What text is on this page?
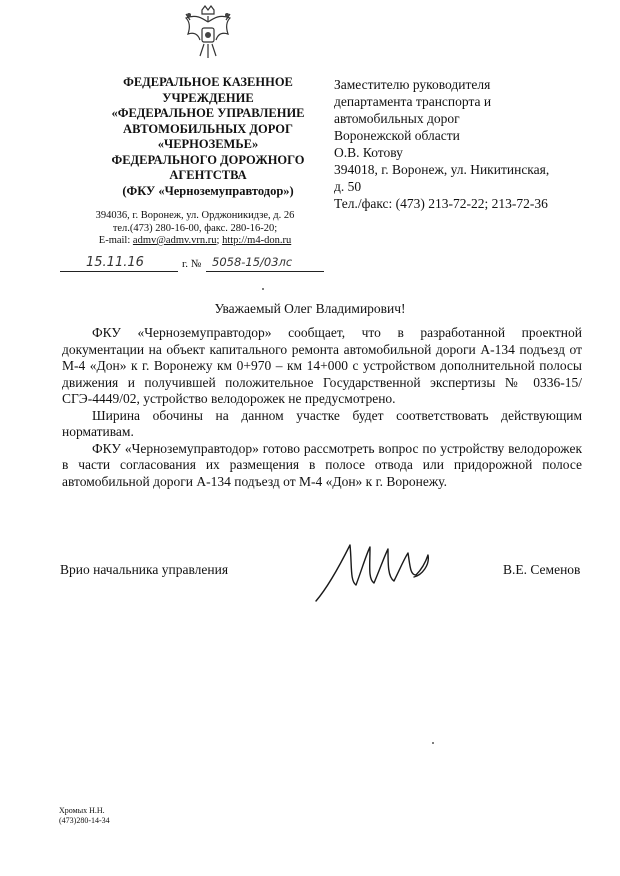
ФЕДЕРАЛЬНОЕ КАЗЕННОЕ
УЧРЕЖДЕНИЕ
«ФЕДЕРАЛЬНОЕ УПРАВЛЕНИЕ
АВТОМОБИЛЬНЫХ ДОРОГ
«ЧЕРНОЗЕМЬЕ»
ФЕДЕРАЛЬНОГО ДОРОЖНОГО
АГЕНТСТВА
(ФКУ «Черноземуправтодор»)
394036, г. Воронеж, ул. Орджоникидзе, д. 26
тел.(473) 280-16-00, факс. 280-16-20;
E-mail: admv@admv.vrn.ru; http://m4-don.ru
15.11.16	г. № 5058-15/03лс
Заместителю руководителя
департамента транспорта и
автомобильных дорог
Воронежской области
О.В. Котову
394018, г. Воронеж, ул. Никитинская,
д. 50
Тел./факс: (473) 213-72-22; 213-72-36
Уважаемый Олег Владимирович!

ФКУ «Черноземуправтодор» сообщает, что в разработанной проектной документации на объект капитального ремонта автомобильной дороги А-134 подъезд от М-4 «Дон» к г. Воронежу км 0+970 – км 14+000 с устройством дополнительной полосы движения и получившей положительное Государственной экспертизы № 0336-15/СГЭ-4449/02, устройство велодорожек не предусмотрено.

Ширина обочины на данном участке будет соответствовать действующим нормативам.

ФКУ «Черноземуправтодор» готово рассмотреть вопрос по устройству велодорожек в части согласования их размещения в полосе отвода или придорожной полосе автомобильной дороги А-134 подъезд от М-4 «Дон» к г. Воронежу.

Врио начальника управления	В.Е. Семенов
Хромых Н.Н.
(473)280-14-34
